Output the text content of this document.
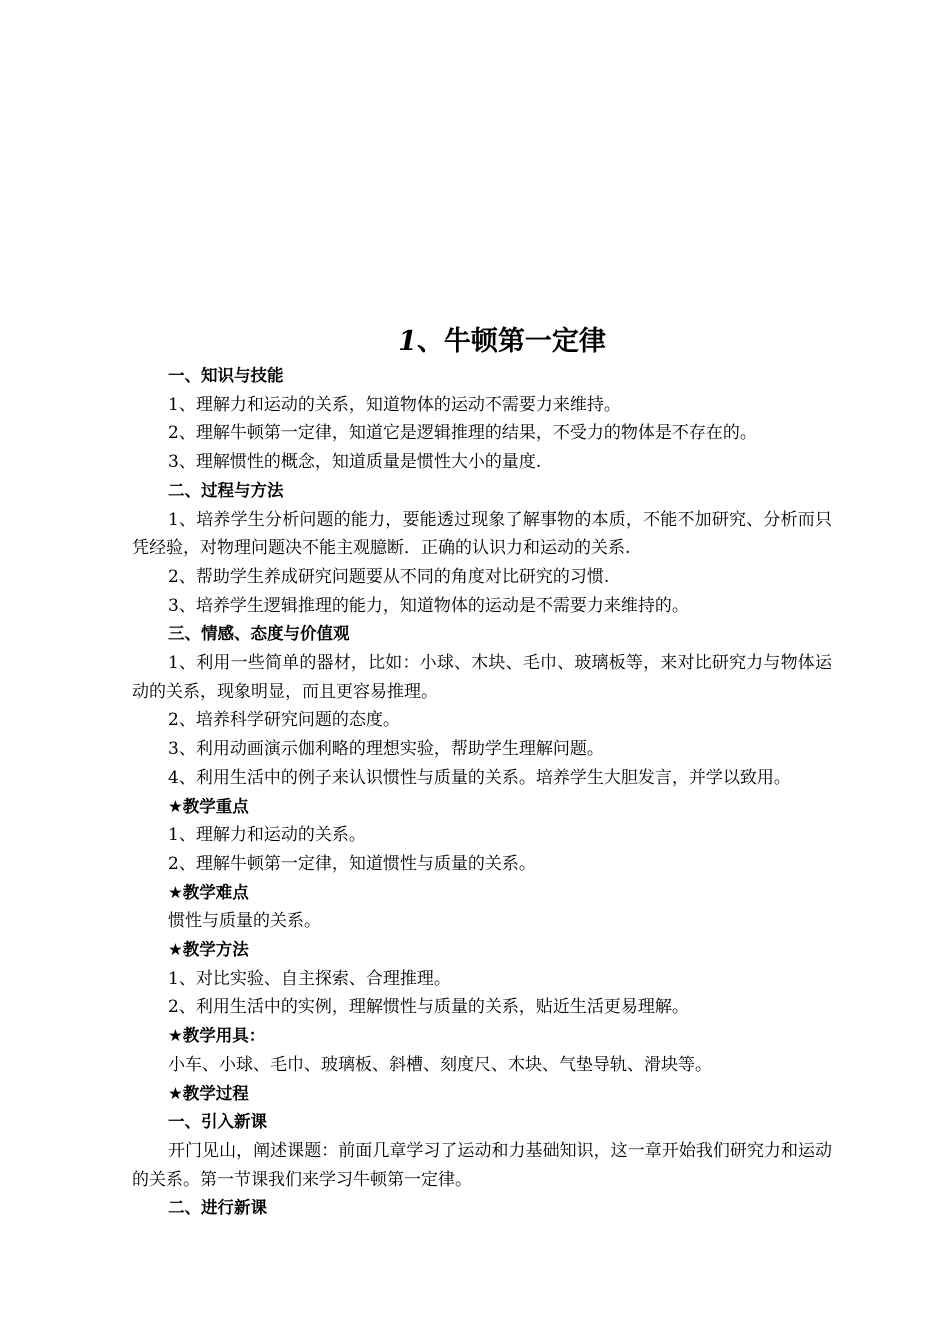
1、牛顿第一定律
一、知识与技能
1、理解力和运动的关系，知道物体的运动不需要力来维持。
2、理解牛顿第一定律，知道它是逻辑推理的结果，不受力的物体是不存在的。
3、理解惯性的概念，知道质量是惯性大小的量度.
二、过程与方法

1、培养学生分析问题的能力，要能透过现象了解事物的本质，不能不加研究、分析而只凭经验，对物理问题决不能主观臆断．正确的认识力和运动的关系.

2、帮助学生养成研究问题要从不同的角度对比研究的习惯.
3、培养学生逻辑推理的能力，知道物体的运动是不需要力来维持的。
三、情感、态度与价值观

1、利用一些简单的器材，比如：小球、木块、毛巾、玻璃板等，来对比研究力与物体运动的关系，现象明显，而且更容易推理。

2、培养科学研究问题的态度。
3、利用动画演示伽利略的理想实验，帮助学生理解问题。

4、利用生活中的例子来认识惯性与质量的关系。培养学生大胆发言，并学以致用。

★教学重点
1、理解力和运动的关系。
2、理解牛顿第一定律，知道惯性与质量的关系。
★教学难点
惯性与质量的关系。
★教学方法
1、对比实验、自主探索、合理推理。
2、利用生活中的实例，理解惯性与质量的关系，贴近生活更易理解。
★教学用具：
小车、小球、毛巾、玻璃板、斜槽、刻度尺、木块、气垫导轨、滑块等。
★教学过程
一、引入新课

开门见山，阐述课题：前面几章学习了运动和力基础知识，这一章开始我们研究力和运动的关系。第一节课我们来学习牛顿第一定律。

二、进行新课
